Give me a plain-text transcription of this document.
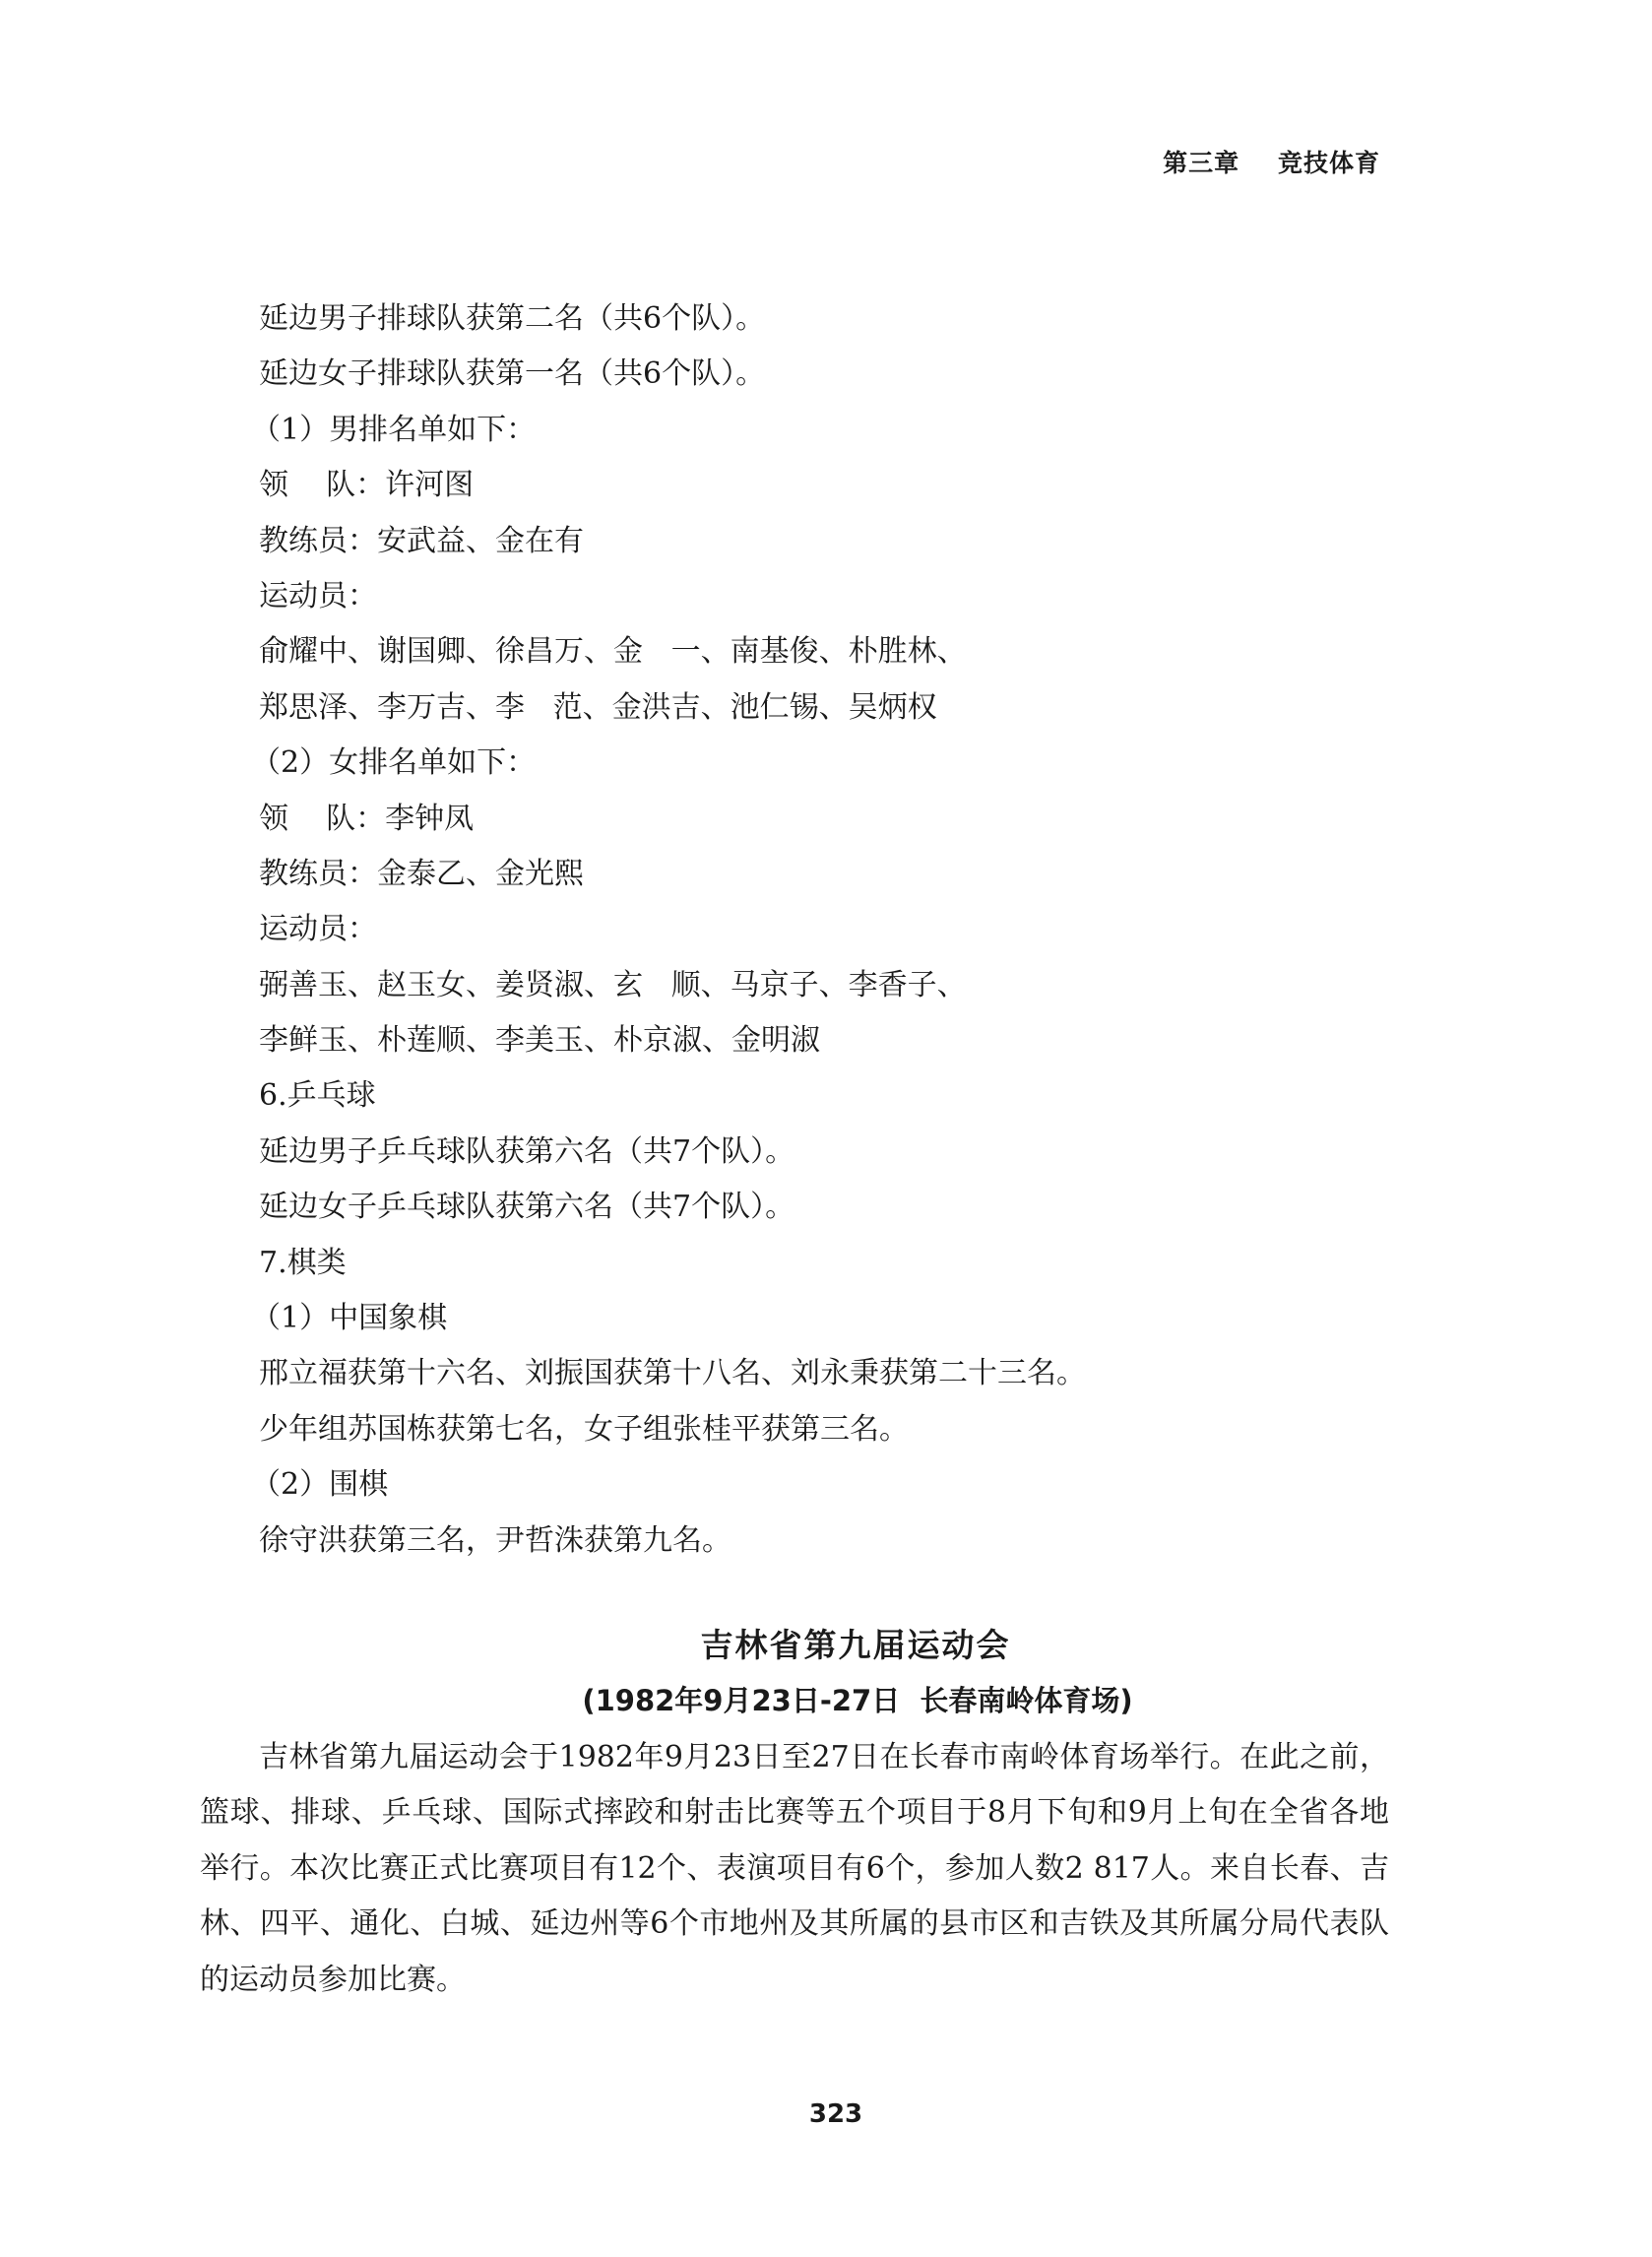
第三章    竞技体育
延边男子排球队获第二名（共6个队）。
延边女子排球队获第一名（共6个队）。
（1）男排名单如下：
领    队：许河图
教练员：安武益、金在有
运动员：
俞耀中、谢国卿、徐昌万、金   一、南基俊、朴胜林、
郑思泽、李万吉、李   范、金洪吉、池仁锡、吴炳权
（2）女排名单如下：
领    队：李钟凤
教练员：金泰乙、金光熙
运动员：
弼善玉、赵玉女、姜贤淑、玄   顺、马京子、李香子、
李鲜玉、朴莲顺、李美玉、朴京淑、金明淑
6.乒乓球
延边男子乒乓球队获第六名（共7个队）。
延边女子乒乓球队获第六名（共7个队）。
7.棋类
（1）中国象棋
邢立福获第十六名、刘振国获第十八名、刘永秉获第二十三名。
少年组苏国栋获第七名，女子组张桂平获第三名。
（2）围棋
徐守洪获第三名，尹哲洙获第九名。
吉林省第九届运动会
(1982年9月23日-27日  长春南岭体育场)
吉林省第九届运动会于1982年9月23日至27日在长春市南岭体育场举行。在此之前，篮球、排球、乒乓球、国际式摔跤和射击比赛等五个项目于8月下旬和9月上旬在全省各地举行。本次比赛正式比赛项目有12个、表演项目有6个，参加人数2 817人。来自长春、吉林、四平、通化、白城、延边州等6个市地州及其所属的县市区和吉铁及其所属分局代表队的运动员参加比赛。
323
